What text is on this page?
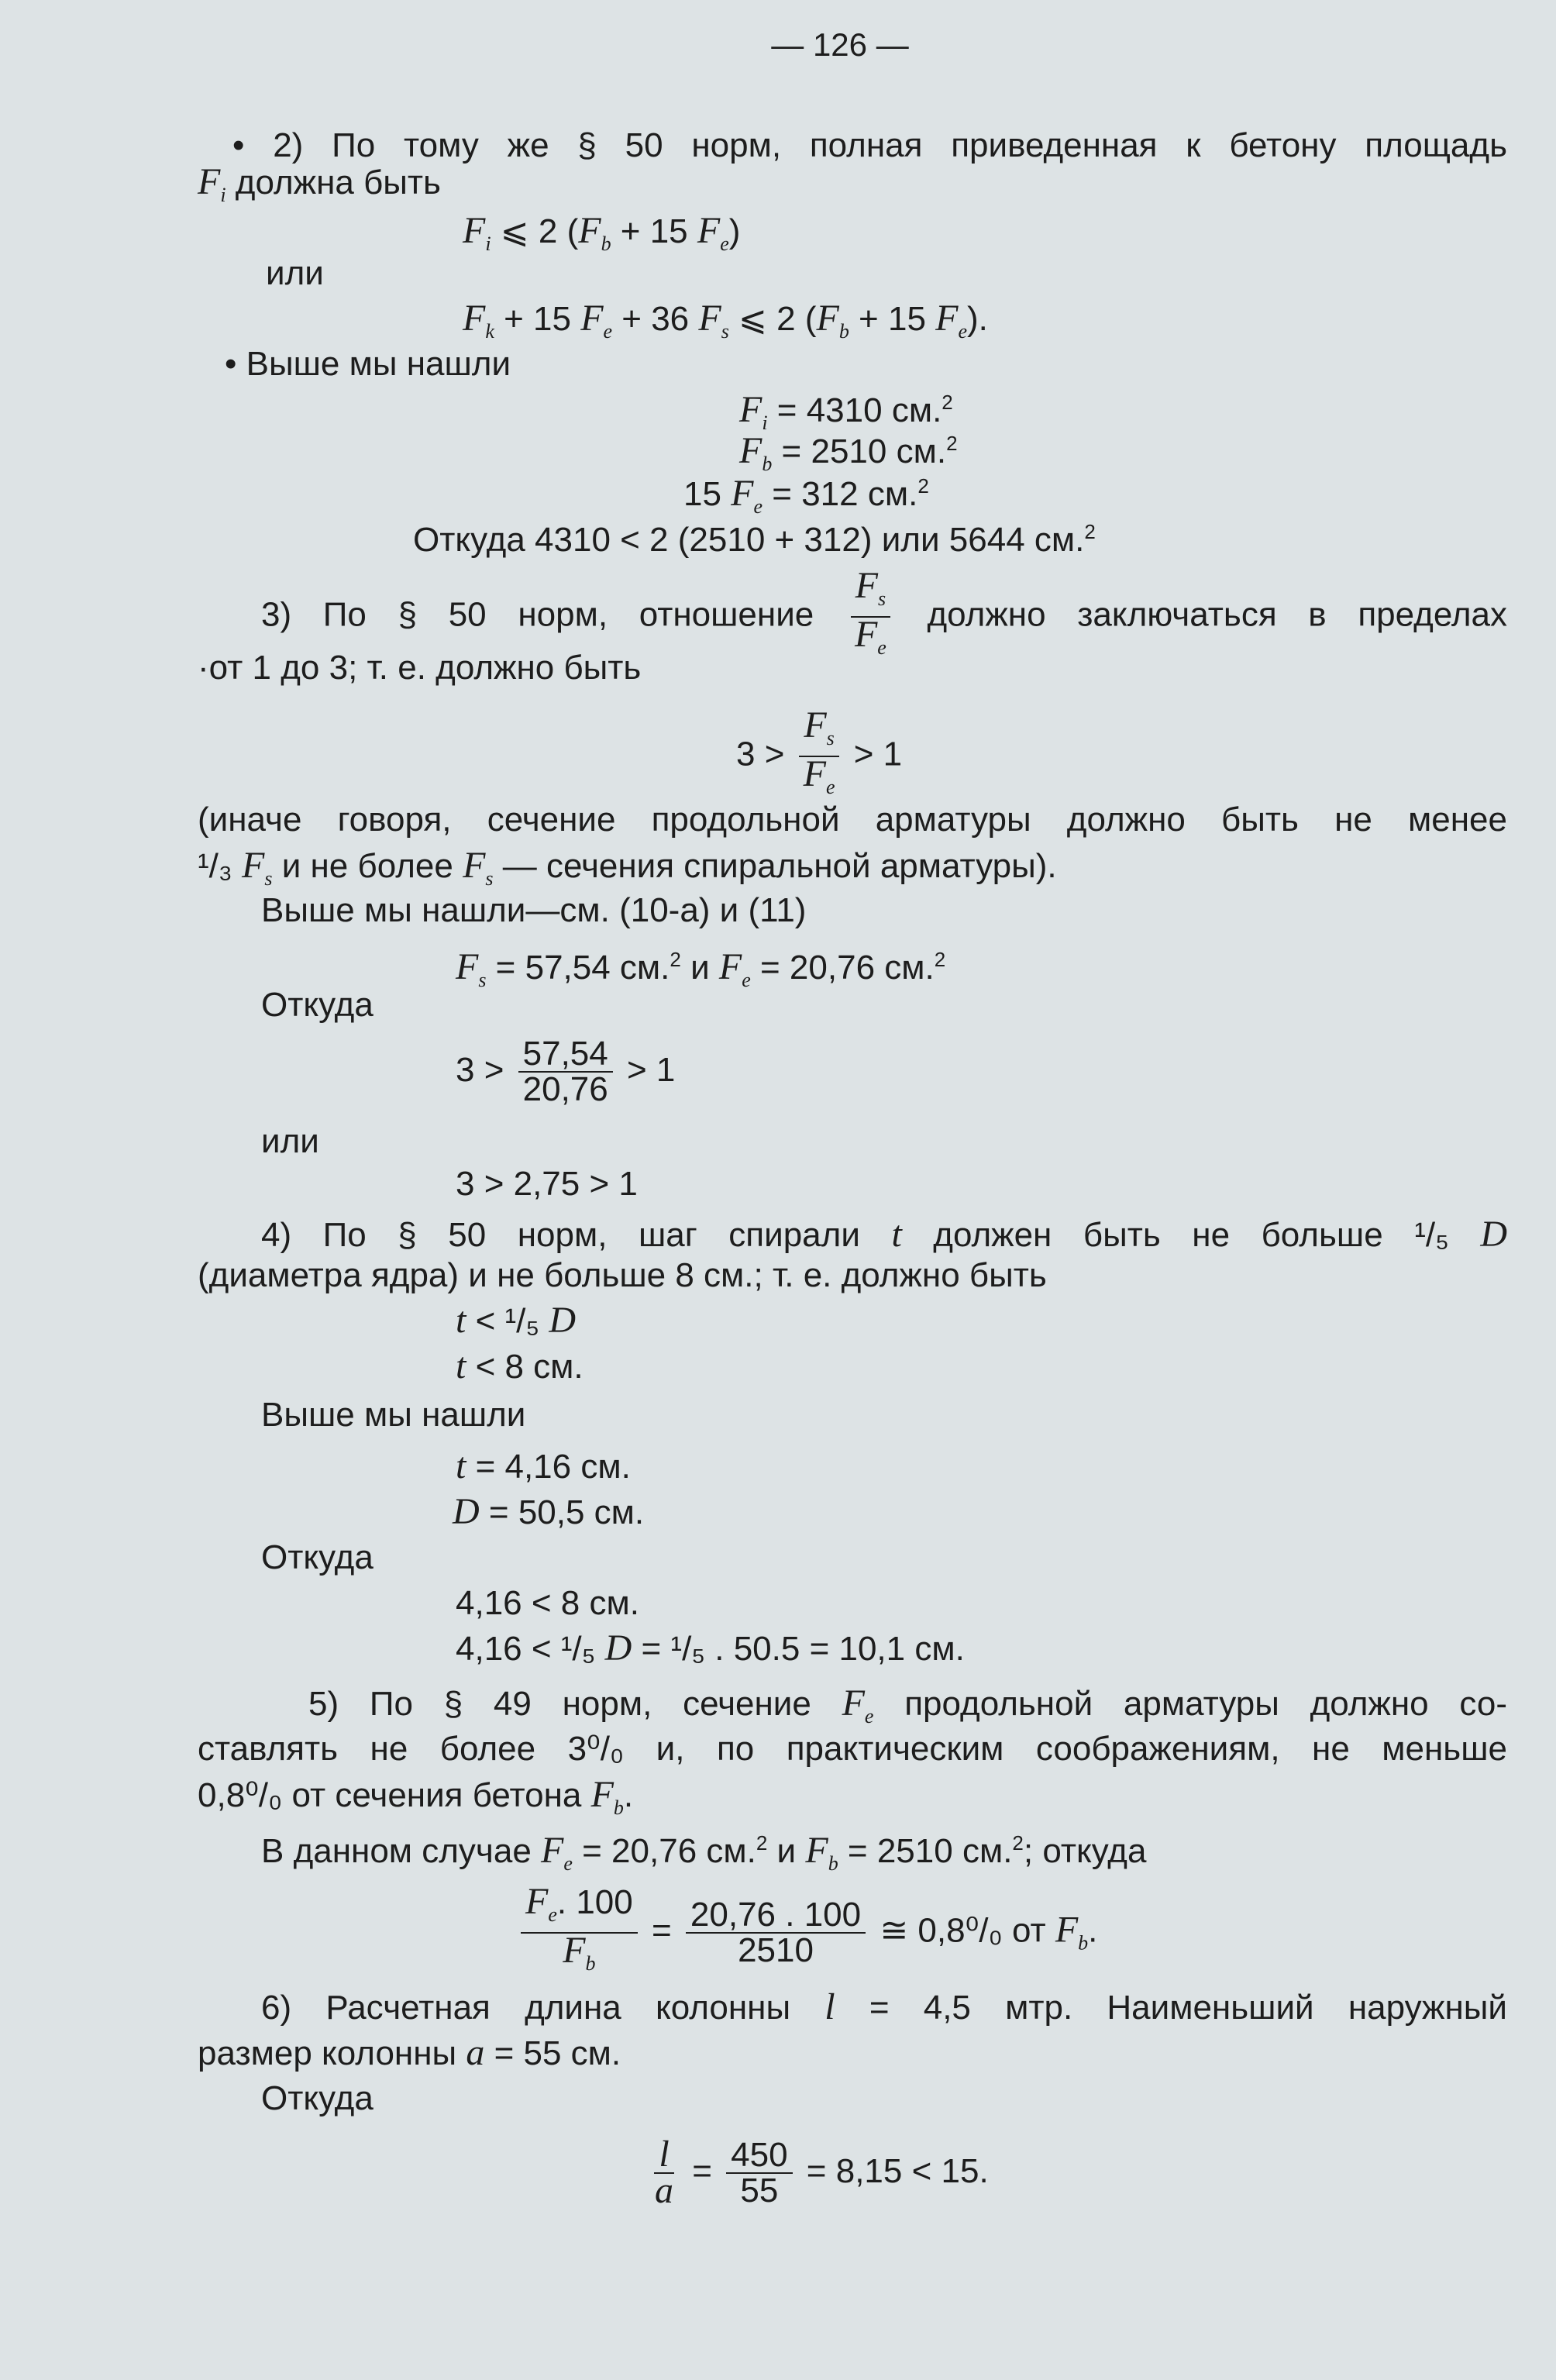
— 126 —
• 2) По тому же § 50 норм, полная приведенная к бетону площадь
$F_i$ должна быть
$F_i$ ⩽ 2 ($F_b + 15$ $F_e$)
или
$F_k + 15$ $F_e + 36$ $F_s$ ⩽ 2 ($F_b + 15$ $F_e$).
• Выше мы нашли
$F_i = 4310$ см.$^2$
$F_b = 2510$ см.$^2$
15 $F_e = 312$ см.$^2$
Откуда 4310 < 2 (2510 + 312) или 5644 см.$^2$
3) По § 50 норм, отношение $\frac{F_s}{F_e}$ должно заключаться в пределах
·от 1 до 3; т. е. должно быть
$3 > \frac{F_s}{F_e} > 1$
(иначе говоря, сечение продольной арматуры должно быть не менее
¹/₃ $F_s$ и не более $F_s$ — сечения спиральной арматуры).
Выше мы нашли—см. (10-а) и (11)
$F_s = 57,54$ см.$^2$ и $F_e = 20,76$ см.$^2$
Откуда
$3 > \frac{57,54}{20,76} > 1$
или
3 > 2,75 > 1
4) По § 50 норм, шаг спирали t должен быть не больше ¹/₅ D
(диаметра ядра) и не больше 8 см.; т. е. должно быть
t < ¹/₅ D
t < 8 см.
Выше мы нашли
t = 4,16 см.
D = 50,5 см.
Откуда
4,16 < 8 см.
4,16 < ¹/₅ D = ¹/₅ . 50.5 = 10,1 см.
5) По § 49 норм, сечение $F_e$ продольной арматуры должно со-
ставлять не более 3⁰/₀ и, по практическим соображениям, не меньше
0,8⁰/₀ от сечения бетона $F_b$.
В данном случае $F_e = 20,76$ см.$^2$ и $F_b = 2510$ см.$^2$; откуда
$\frac{F_e. 100}{F_b} = \frac{20,76 . 100}{2510}$ ≅ 0,8⁰/₀ от $F_b$.
6) Расчетная длина колонны l = 4,5 мтр. Наименьший наружный
размер колонны a = 55 см.
Откуда
$\frac{l}{a} = \frac{450}{55} = 8,15 < 15$.
